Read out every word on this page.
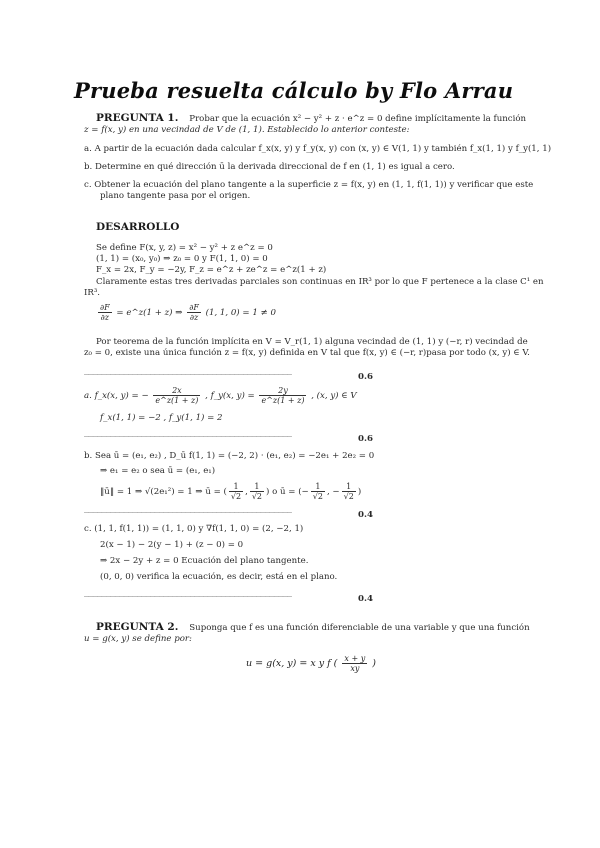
Prueba resuelta cálculo by Flo Arrau
PREGUNTA 1. Probar que la ecuación x² − y² + z · e^z = 0 define implícitamente la función
z = f(x, y) en una vecindad de V de (1, 1). Establecido lo anterior conteste:
a. A partir de la ecuación dada calcular f_x(x, y) y f_y(x, y) con (x, y) ∈ V(1, 1) y también f_x(1, 1) y f_y(1, 1)
b. Determine en qué dirección ū la derivada direccional de f en (1, 1) es igual a cero.
c. Obtener la ecuación del plano tangente a la superficie z = f(x, y) en (1, 1, f(1, 1)) y verificar que este
plano tangente pasa por el origen.
DESARROLLO
Se define F(x, y, z) = x² − y² + z e^z = 0
(1, 1) = (x₀, y₀) ⇒ z₀ = 0 y F(1, 1, 0) = 0
F_x = 2x, F_y = −2y, F_z = e^z + ze^z = e^z(1 + z)
Claramente estas tres derivadas parciales son continuas en IR³ por lo que F pertenece a la clase C¹ en
IR³.
$\frac{\partial F}{\partial z}$ = e^z(1 + z) ⇒ $\frac{\partial F}{\partial z} (1$, 1, 0) = 1 ≠ 0
Por teorema de la función implícita en V = V_r(1, 1) alguna vecindad de (1, 1) y (−r, r) vecindad de
z₀ = 0, existe una única función z = f(x, y) definida en V tal que f(x, y) ∈ (−r, r)pasa por todo (x, y) ∈ V.
_______________________________________________
0.6
a. f_x(x, y) = − $\frac{2x}{e\^{}z(1 + z)}$ , f_y(x, $y) = \frac{2y}{e\^{}z(1 + z)}$ , (x, y) ∈ V
f_x(1, 1) = −2 , f_y(1, 1) = 2
_______________________________________________
0.6
b. Sea ū = (e₁, e₂) , D_ū f(1, 1) = (−2, 2) · (e₁, e₂) = −2e₁ + 2e₂ = 0
⇒ e₁ = e₂ o sea ū = (e₁, e₁)
‖ū‖ = 1 ⇒ √(2e₁²) = 1 ⇒ ū = ( $\frac{1}{√2}$ , $\frac{1}{√2}$ ) o ū = (− $\frac{1}{√2}$ , − $\frac{1}{√2}$ )
_______________________________________________
0.4
c. (1, 1, f(1, 1)) = (1, 1, 0) y ∇f(1, 1, 0) = (2, −2, 1)
2(x − 1) − 2(y − 1) + (z − 0) = 0
⇒ 2x − 2y + z = 0 Ecuación del plano tangente.
(0, 0, 0) verifica la ecuación, es decir, está en el plano.
_______________________________________________
0.4
PREGUNTA 2. Suponga que f es una función diferenciable de una variable y que una función
u = g(x, y) se define por:
u = g(x, y) = x y f ( $\frac{x + y}{xy}$ )
